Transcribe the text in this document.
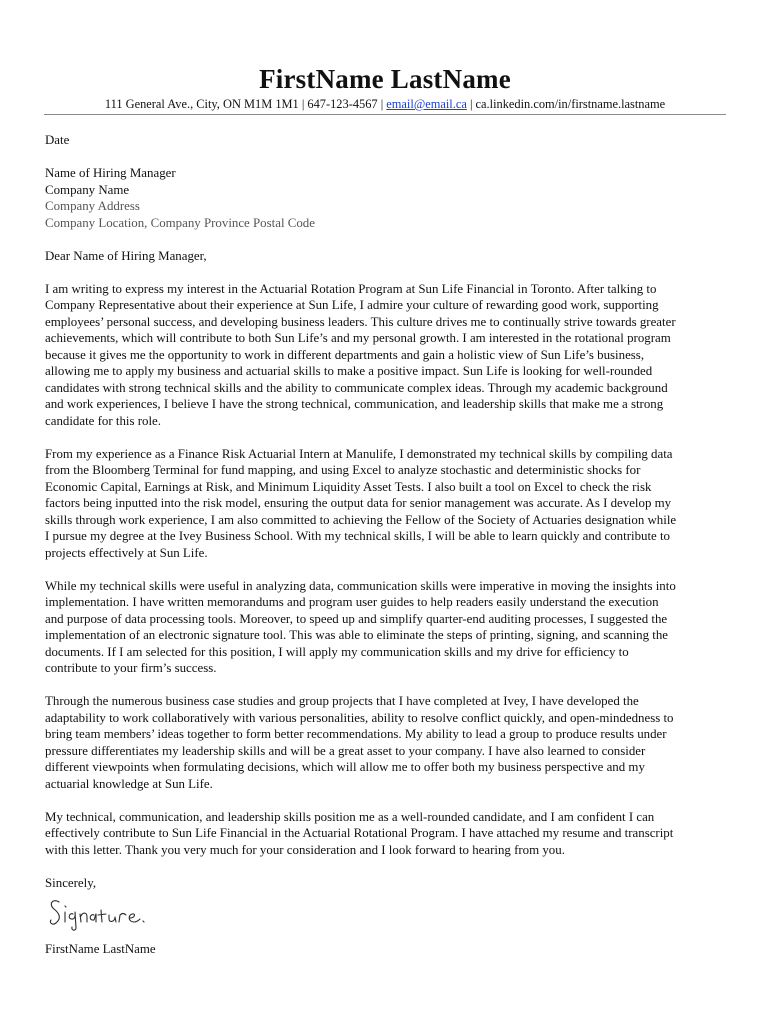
FirstName LastName
111 General Ave., City, ON M1M 1M1 | 647-123-4567 | email@email.ca | ca.linkedin.com/in/firstname.lastname
Date
Name of Hiring Manager
Company Name
Company Address
Company Location, Company Province Postal Code
Dear Name of Hiring Manager,
I am writing to express my interest in the Actuarial Rotation Program at Sun Life Financial in Toronto. After talking to
Company Representative about their experience at Sun Life, I admire your culture of rewarding good work, supporting
employees’ personal success, and developing business leaders. This culture drives me to continually strive towards greater
achievements, which will contribute to both Sun Life’s and my personal growth. I am interested in the rotational program
because it gives me the opportunity to work in different departments and gain a holistic view of Sun Life’s business,
allowing me to apply my business and actuarial skills to make a positive impact. Sun Life is looking for well-rounded
candidates with strong technical skills and the ability to communicate complex ideas. Through my academic background
and work experiences, I believe I have the strong technical, communication, and leadership skills that make me a strong
candidate for this role.
From my experience as a Finance Risk Actuarial Intern at Manulife, I demonstrated my technical skills by compiling data
from the Bloomberg Terminal for fund mapping, and using Excel to analyze stochastic and deterministic shocks for
Economic Capital, Earnings at Risk, and Minimum Liquidity Asset Tests. I also built a tool on Excel to check the risk
factors being inputted into the risk model, ensuring the output data for senior management was accurate. As I develop my
skills through work experience, I am also committed to achieving the Fellow of the Society of Actuaries designation while
I pursue my degree at the Ivey Business School. With my technical skills, I will be able to learn quickly and contribute to
projects effectively at Sun Life.
While my technical skills were useful in analyzing data, communication skills were imperative in moving the insights into
implementation. I have written memorandums and program user guides to help readers easily understand the execution
and purpose of data processing tools. Moreover, to speed up and simplify quarter-end auditing processes, I suggested the
implementation of an electronic signature tool. This was able to eliminate the steps of printing, signing, and scanning the
documents. If I am selected for this position, I will apply my communication skills and my drive for efficiency to
contribute to your firm’s success.
Through the numerous business case studies and group projects that I have completed at Ivey, I have developed the
adaptability to work collaboratively with various personalities, ability to resolve conflict quickly, and open-mindedness to
bring team members’ ideas together to form better recommendations. My ability to lead a group to produce results under
pressure differentiates my leadership skills and will be a great asset to your company. I have also learned to consider
different viewpoints when formulating decisions, which will allow me to offer both my business perspective and my
actuarial knowledge at Sun Life.
My technical, communication, and leadership skills position me as a well-rounded candidate, and I am confident I can
effectively contribute to Sun Life Financial in the Actuarial Rotational Program. I have attached my resume and transcript
with this letter. Thank you very much for your consideration and I look forward to hearing from you.
Sincerely,
FirstName LastName
